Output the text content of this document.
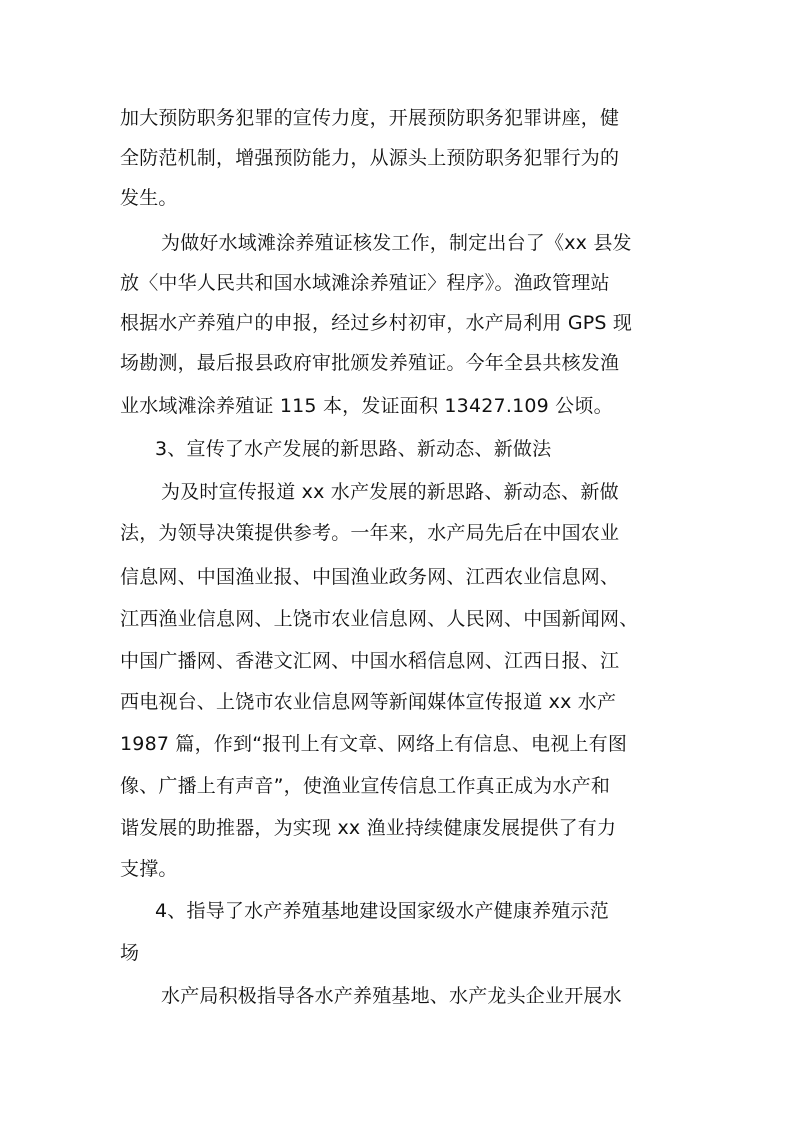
加大预防职务犯罪的宣传力度，开展预防职务犯罪讲座，健
全防范机制，增强预防能力，从源头上预防职务犯罪行为的
发生。
为做好水域滩涂养殖证核发工作，制定出台了《xx 县发
放〈中华人民共和国水域滩涂养殖证〉程序》。渔政管理站
根据水产养殖户的申报，经过乡村初审，水产局利用 GPS 现
场勘测，最后报县政府审批颁发养殖证。今年全县共核发渔
业水域滩涂养殖证 115 本，发证面积 13427.109 公顷。
3、宣传了水产发展的新思路、新动态、新做法
为及时宣传报道 xx 水产发展的新思路、新动态、新做
法，为领导决策提供参考。一年来，水产局先后在中国农业
信息网、中国渔业报、中国渔业政务网、江西农业信息网、
江西渔业信息网、上饶市农业信息网、人民网、中国新闻网、
中国广播网、香港文汇网、中国水稻信息网、江西日报、江
西电视台、上饶市农业信息网等新闻媒体宣传报道 xx 水产
1987 篇，作到“报刊上有文章、网络上有信息、电视上有图
像、广播上有声音”，使渔业宣传信息工作真正成为水产和
谐发展的助推器，为实现 xx 渔业持续健康发展提供了有力
支撑。
4、指导了水产养殖基地建设国家级水产健康养殖示范
场
水产局积极指导各水产养殖基地、水产龙头企业开展水
